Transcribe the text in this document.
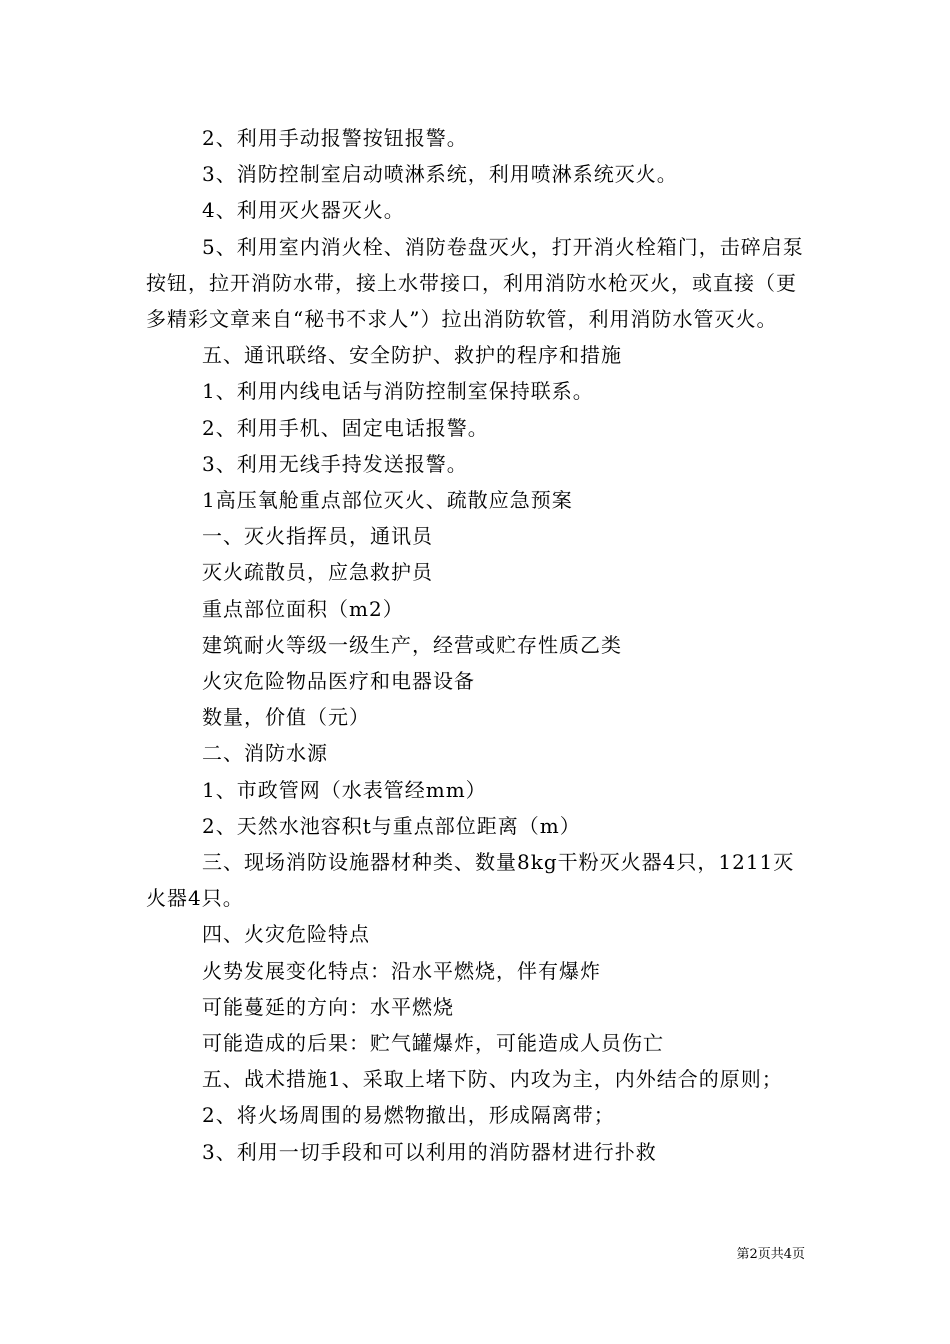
2、利用手动报警按钮报警。

3、消防控制室启动喷淋系统，利用喷淋系统灭火。

4、利用灭火器灭火。

5、利用室内消火栓、消防卷盘灭火，打开消火栓箱门，击碎启泵按钮，拉开消防水带，接上水带接口，利用消防水枪灭火，或直接（更多精彩文章来自“秘书不求人”）拉出消防软管，利用消防水管灭火。

五、通讯联络、安全防护、救护的程序和措施

1、利用内线电话与消防控制室保持联系。

2、利用手机、固定电话报警。

3、利用无线手持发送报警。

1高压氧舱重点部位灭火、疏散应急预案

一、灭火指挥员，通讯员

灭火疏散员，应急救护员

重点部位面积（m2）

建筑耐火等级一级生产，经营或贮存性质乙类

火灾危险物品医疗和电器设备

数量，价值（元）

二、消防水源

1、市政管网（水表管经mm）

2、天然水池容积t与重点部位距离（m）

三、现场消防设施器材种类、数量8kg干粉灭火器4只，1211灭火器4只。

四、火灾危险特点

火势发展变化特点：沿水平燃烧，伴有爆炸

可能蔓延的方向：水平燃烧

可能造成的后果：贮气罐爆炸，可能造成人员伤亡

五、战术措施1、采取上堵下防、内攻为主，内外结合的原则；

2、将火场周围的易燃物撤出，形成隔离带；

3、利用一切手段和可以利用的消防器材进行扑救

第2页共4页
